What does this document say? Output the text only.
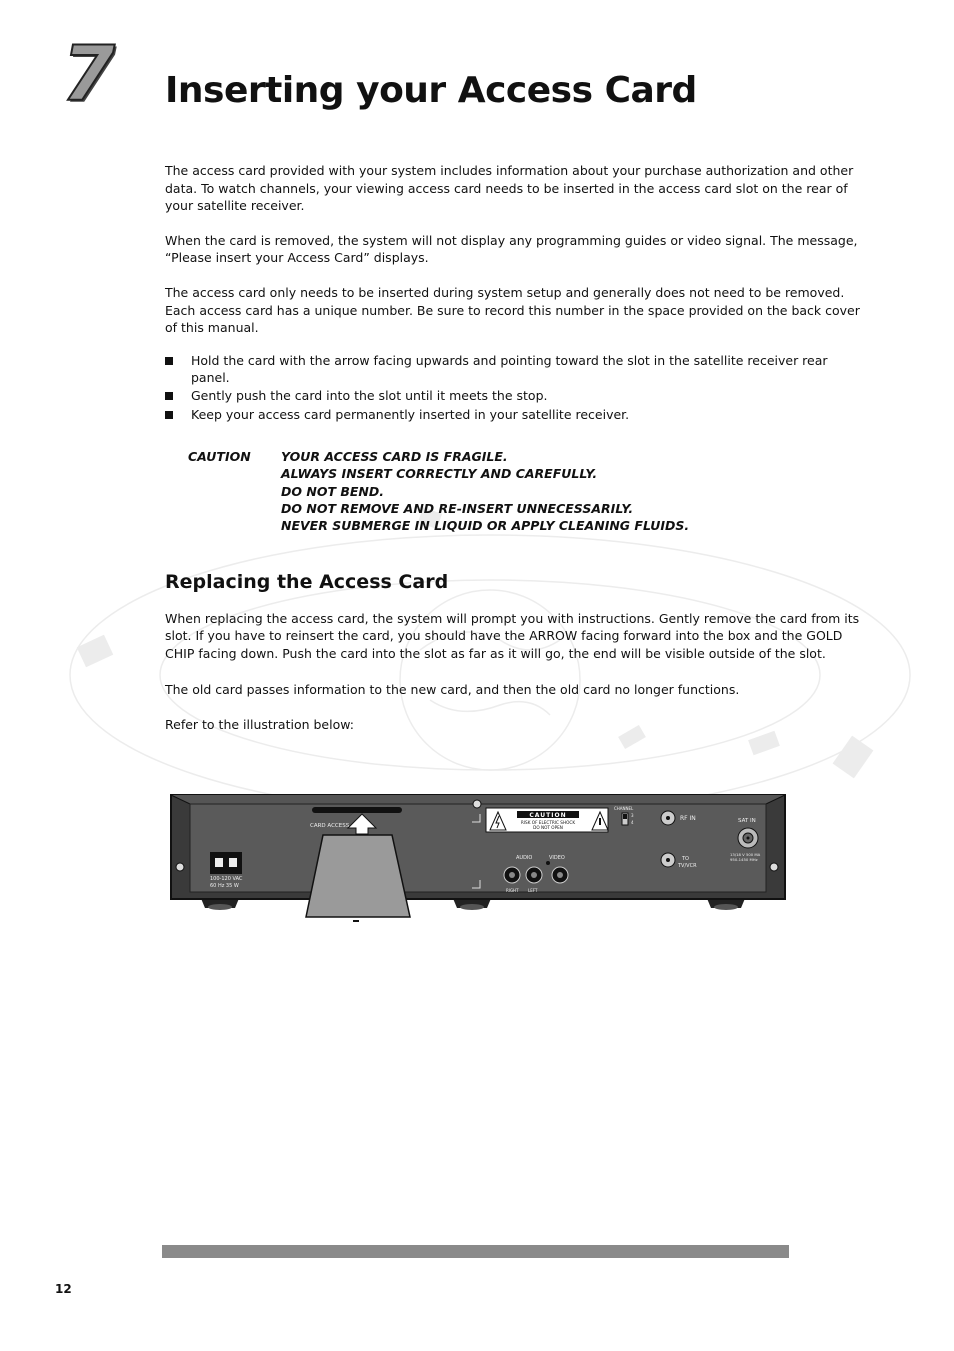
7 Inserting your Access Card

The access card provided with your system includes information about your purchase authorization and other data. To watch channels, your viewing access card needs to be inserted in the access card slot on the rear of your satellite receiver.

When the card is removed, the system will not display any programming guides or video signal. The message, “Please insert your Access Card” displays.

The access card only needs to be inserted during system setup and generally does not need to be removed. Each access card has a unique number. Be sure to record this number in the space provided on the back cover of this manual.

Hold the card with the arrow facing upwards and pointing toward the slot in the satellite receiver rear panel.
Gently push the card into the slot until it meets the stop.
Keep your access card permanently inserted in your satellite receiver.
CAUTION	YOUR ACCESS CARD IS FRAGILE.
ALWAYS INSERT CORRECTLY AND CAREFULLY.
DO NOT BEND.
DO NOT REMOVE AND RE-INSERT UNNECESSARILY.
NEVER SUBMERGE IN LIQUID OR APPLY CLEANING FLUIDS.
Replacing the Access Card

When replacing the access card, the system will prompt you with instructions. Gently remove the card from its slot. If you have to reinsert the card, you should have the ARROW facing forward into the box and the GOLD CHIP facing down. Push the card into the slot as far as it will go, the end will be visible outside of the slot.

The old card passes information to the new card, and then the old card no longer functions.

Refer to the illustration below:

CARD ACCESS
100-120 VAC
60 Hz 35 W
CAUTION
RISK OF ELECTRIC SHOCK
DO NOT OPEN
CHANNEL
3
4
RF IN
TO
TV/VCR
SAT IN
13/18 V 500 MA
950-1450 MHz
AUDIO	VIDEO
RIGHT LEFT
12
